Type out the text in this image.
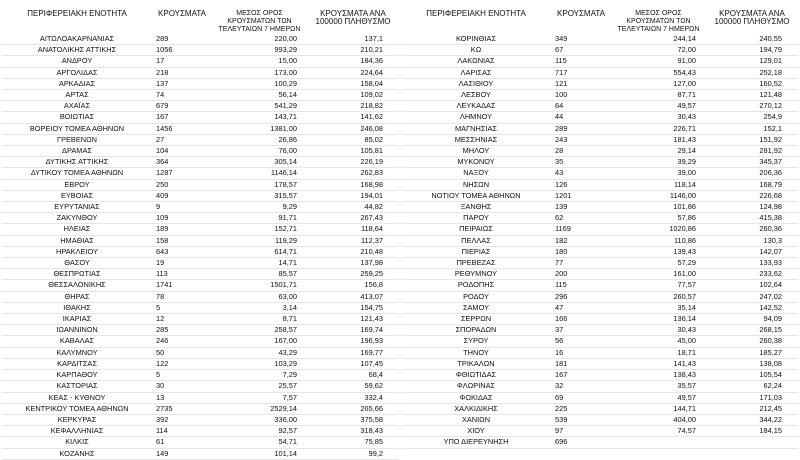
ΠΕΡΙΦΕΡΕΙΑΚΗ ΕΝΟΤΗΤΑ	ΚΡΟΥΣΜΑΤΑ	ΜΕΣΟΣ ΟΡΟΣ ΚΡΟΥΣΜΑΤΩΝ ΤΩΝ ΤΕΛΕΥΤΑΙΩΝ 7 ΗΜΕΡΩΝ	ΚΡΟΥΣΜΑΤΑ ΑΝΑ 100000 ΠΛΗΘΥΣΜΟ
ΑΙΤΩΛΟΑΚΑΡΝΑΝΙΑΣ	289	220,00	137,1
ΑΝΑΤΟΛΙΚΗΣ ΑΤΤΙΚΗΣ	1056	993,29	210,21
ΑΝΔΡΟΥ	17	15,00	184,36
ΑΡΓΟΛΙΔΑΣ	218	173,00	224,64
ΑΡΚΑΔΙΑΣ	137	100,29	158,04
ΑΡΤΑΣ	74	56,14	109,02
ΑΧΑΪΑΣ	679	541,29	218,82
ΒΟΙΩΤΙΑΣ	167	143,71	141,62
ΒΟΡΕΙΟΥ ΤΟΜΕΑ ΑΘΗΝΩΝ	1456	1381,00	246,08
ΓΡΕΒΕΝΩΝ	27	26,86	85,02
ΔΡΑΜΑΣ	104	76,00	105,81
ΔΥΤΙΚΗΣ ΑΤΤΙΚΗΣ	364	305,14	226,19
ΔΥΤΙΚΟΥ ΤΟΜΕΑ ΑΘΗΝΩΝ	1287	1146,14	262,83
ΕΒΡΟΥ	250	178,57	168,98
ΕΥΒΟΙΑΣ	409	315,57	194,01
ΕΥΡΥΤΑΝΙΑΣ	9	9,29	44,82
ΖΑΚΥΝΘΟΥ	109	91,71	267,43
ΗΛΕΙΑΣ	189	152,71	118,64
ΗΜΑΘΙΑΣ	158	119,29	112,37
ΗΡΑΚΛΕΙΟΥ	643	614,71	210,48
ΘΑΣΟΥ	19	14,71	137,98
ΘΕΣΠΡΩΤΙΑΣ	113	85,57	259,25
ΘΕΣΣΑΛΟΝΙΚΗΣ	1741	1501,71	156,8
ΘΗΡΑΣ	78	63,00	413,07
ΙΘΑΚΗΣ	5	3,14	154,75
ΙΚΑΡΙΑΣ	12	8,71	121,43
ΙΩΑΝΝΙΝΩΝ	285	258,57	169,74
ΚΑΒΑΛΑΣ	246	167,00	196,93
ΚΑΛΥΜΝΟΥ	50	43,29	169,77
ΚΑΡΔΙΤΣΑΣ	122	103,29	107,45
ΚΑΡΠΑΘΟΥ	5	7,29	68,4
ΚΑΣΤΟΡΙΑΣ	30	25,57	59,62
ΚΕΑΣ - ΚΥΘΝΟΥ	13	7,57	332,4
ΚΕΝΤΡΙΚΟΥ ΤΟΜΕΑ ΑΘΗΝΩΝ	2735	2529,14	265,66
ΚΕΡΚΥΡΑΣ	392	336,00	375,58
ΚΕΦΑΛΛΗΝΙΑΣ	114	92,57	318,43
ΚΙΛΚΙΣ	61	54,71	75,85
ΚΟΖΑΝΗΣ	149	101,14	99,2
ΠΕΡΙΦΕΡΕΙΑΚΗ ΕΝΟΤΗΤΑ	ΚΡΟΥΣΜΑΤΑ	ΜΕΣΟΣ ΟΡΟΣ ΚΡΟΥΣΜΑΤΩΝ ΤΩΝ ΤΕΛΕΥΤΑΙΩΝ 7 ΗΜΕΡΩΝ	ΚΡΟΥΣΜΑΤΑ ΑΝΑ 100000 ΠΛΗΘΥΣΜΟ
ΚΟΡΙΝΘΙΑΣ	349	244,14	240,55
ΚΩ	67	72,00	194,79
ΛΑΚΩΝΙΑΣ	115	91,00	129,01
ΛΑΡΙΣΑΣ	717	554,43	252,18
ΛΑΣΙΘΙΟΥ	121	127,00	160,52
ΛΕΣΒΟΥ	100	87,71	121,48
ΛΕΥΚΑΔΑΣ	64	49,57	270,12
ΛΗΜΝΟΥ	44	30,43	254,9
ΜΑΓΝΗΣΙΑΣ	289	226,71	152,1
ΜΕΣΣΗΝΙΑΣ	243	181,43	151,92
ΜΗΛΟΥ	28	29,14	281,92
ΜΥΚΟΝΟΥ	35	39,29	345,37
ΝΑΞΟΥ	43	39,00	206,36
ΝΗΣΩΝ	126	118,14	168,79
ΝΟΤΙΟΥ ΤΟΜΕΑ ΑΘΗΝΩΝ	1201	1146,00	226,68
ΞΑΝΘΗΣ	139	101,86	124,98
ΠΑΡΟΥ	62	57,86	415,38
ΠΕΙΡΑΙΩΣ	1169	1020,86	260,36
ΠΕΛΛΑΣ	182	110,86	130,3
ΠΙΕΡΙΑΣ	180	139,43	142,07
ΠΡΕΒΕΖΑΣ	77	57,29	133,93
ΡΕΘΥΜΝΟΥ	200	161,00	233,62
ΡΟΔΟΠΗΣ	115	77,57	102,64
ΡΟΔΟΥ	296	260,57	247,02
ΣΑΜΟΥ	47	35,14	142,52
ΣΕΡΡΩΝ	166	136,14	94,09
ΣΠΟΡΑΔΩΝ	37	30,43	268,15
ΣΥΡΟΥ	56	45,00	260,38
ΤΗΝΟΥ	16	18,71	185,27
ΤΡΙΚΑΛΩΝ	181	141,43	138,08
ΦΘΙΩΤΙΔΑΣ	167	138,43	105,54
ΦΛΩΡΙΝΑΣ	32	35,57	62,24
ΦΩΚΙΔΑΣ	69	49,57	171,03
ΧΑΛΚΙΔΙΚΗΣ	225	144,71	212,45
ΧΑΝΙΩΝ	539	404,00	344,22
ΧΙΟΥ	97	74,57	184,15
ΥΠΟ ΔΙΕΡΕΥΝΗΣΗ	696		
